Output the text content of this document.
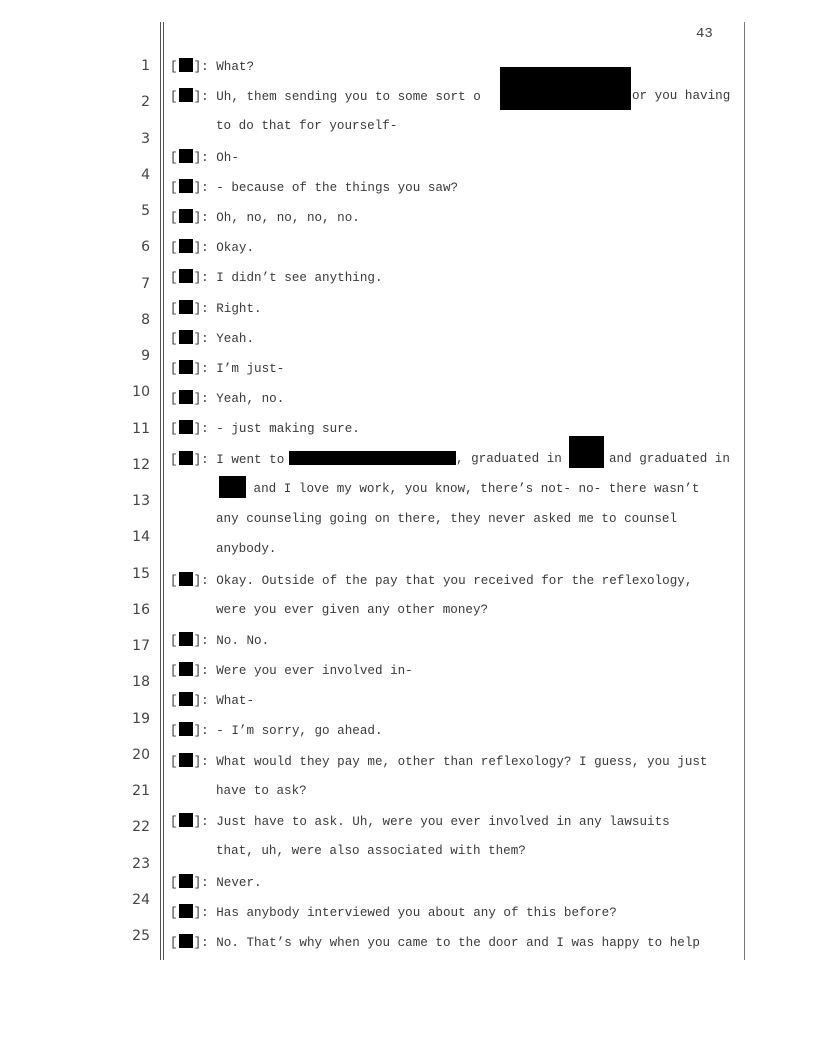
43
1
2
3
4
5
6
7
8
9
10
11
12
13
14
15
16
17
18
19
20
21
22
23
24
25
[ ]: What?
[ ]: Uh, them sending you to some sort o	or you having
to do that for yourself-
[ ]: Oh-
[ ]: - because of the things you saw?
[ ]: Oh, no, no, no, no.
[ ]: Okay.
[ ]: I didn’t see anything.
[ ]: Right.
[ ]: Yeah.
[ ]: I’m just-
[ ]: Yeah, no.
[ ]: - just making sure.
[ ]: I went to	, graduated in	and graduated in
and I love my work, you know, there’s not- no- there wasn’t
any counseling going on there, they never asked me to counsel
anybody.
[ ]: Okay. Outside of the pay that you received for the reflexology,
were you ever given any other money?
[ ]: No. No.
[ ]: Were you ever involved in-
[ ]: What-
[ ]: - I’m sorry, go ahead.
[ ]: What would they pay me, other than reflexology? I guess, you just
have to ask?
[ ]: Just have to ask. Uh, were you ever involved in any lawsuits
that, uh, were also associated with them?
[ ]: Never.
[ ]: Has anybody interviewed you about any of this before?
[ ]: No. That’s why when you came to the door and I was happy to help
